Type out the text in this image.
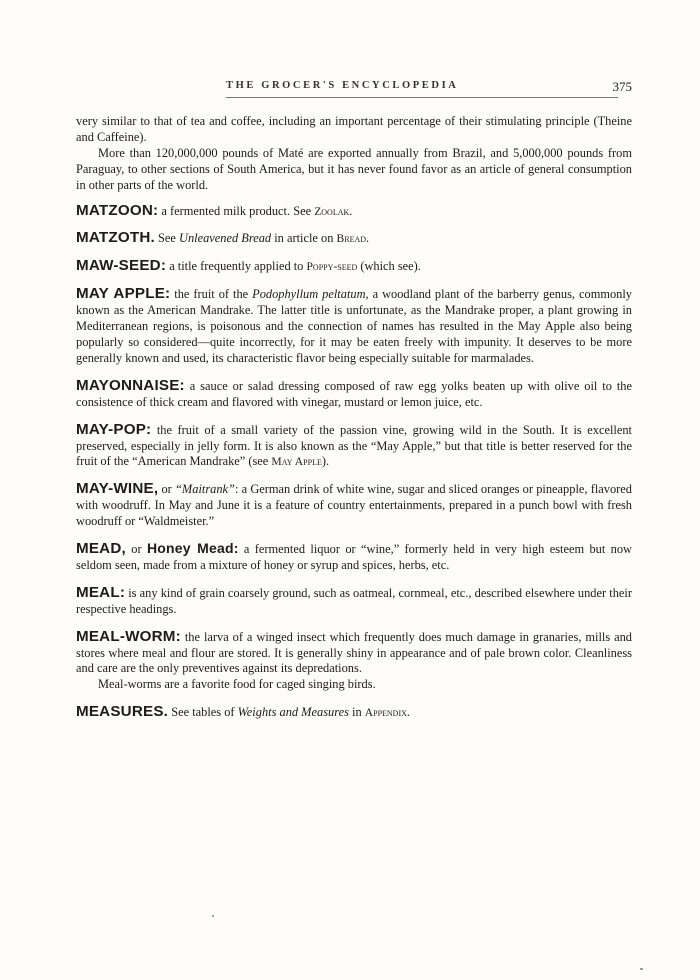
THE GROCER'S ENCYCLOPEDIA	375

very similar to that of tea and coffee, including an important percentage of their stimulating principle (Theine and Caffeine).

More than 120,000,000 pounds of Maté are exported annually from Brazil, and 5,000,000 pounds from Paraguay, to other sections of South America, but it has never found favor as an article of general consumption in other parts of the world.

MATZOON: a fermented milk product. See Zoolak.

MATZOTH. See Unleavened Bread in article on Bread.

MAW-SEED: a title frequently applied to Poppy-seed (which see).

MAY APPLE: the fruit of the Podophyllum peltatum, a woodland plant of the barberry genus, commonly known as the American Mandrake. The latter title is unfortunate, as the Mandrake proper, a plant growing in Mediterranean regions, is poisonous and the connection of names has resulted in the May Apple also being popularly so considered—quite incorrectly, for it may be eaten freely with impunity. It deserves to be more generally known and used, its characteristic flavor being especially suitable for marmalades.

MAYONNAISE: a sauce or salad dressing composed of raw egg yolks beaten up with olive oil to the consistence of thick cream and flavored with vinegar, mustard or lemon juice, etc.

MAY-POP: the fruit of a small variety of the passion vine, growing wild in the South. It is excellent preserved, especially in jelly form. It is also known as the “May Apple,” but that title is better reserved for the fruit of the “American Mandrake” (see May Apple).

MAY-WINE, or “Maitrank”: a German drink of white wine, sugar and sliced oranges or pineapple, flavored with woodruff. In May and June it is a feature of country entertainments, prepared in a punch bowl with fresh woodruff or “Waldmeister.”

MEAD, or Honey Mead: a fermented liquor or “wine,” formerly held in very high esteem but now seldom seen, made from a mixture of honey or syrup and spices, herbs, etc.

MEAL: is any kind of grain coarsely ground, such as oatmeal, cornmeal, etc., described elsewhere under their respective headings.

MEAL-WORM: the larva of a winged insect which frequently does much damage in granaries, mills and stores where meal and flour are stored. It is generally shiny in appearance and of pale brown color. Cleanliness and care are the only preventives against its depredations.

Meal-worms are a favorite food for caged singing birds.

MEASURES. See tables of Weights and Measures in Appendix.
